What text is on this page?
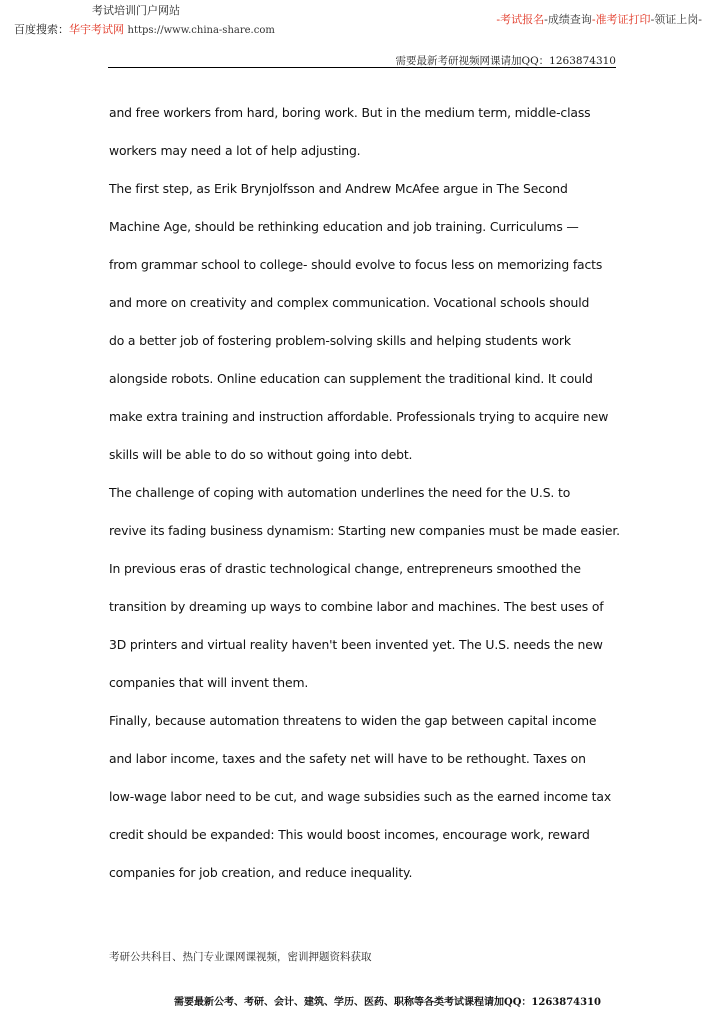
考试培训门户网站
百度搜索：华宇考试网 https://www.china-share.com
-考试报名-成绩查询-准考证打印-领证上岗-
需要最新考研视频网课请加QQ：1263874310
and free workers from hard, boring work. But in the medium term, middle-class
workers may need a lot of help adjusting.
The first step, as Erik Brynjolfsson and Andrew McAfee argue in The Second
Machine Age, should be rethinking education and job training. Curriculums —
from grammar school to college- should evolve to focus less on memorizing facts
and more on creativity and complex communication. Vocational schools should
do a better job of fostering problem-solving skills and helping students work
alongside robots. Online education can supplement the traditional kind. It could
make extra training and instruction affordable. Professionals trying to acquire new
skills will be able to do so without going into debt.
The challenge of coping with automation underlines the need for the U.S. to
revive its fading business dynamism: Starting new companies must be made easier.
In previous eras of drastic technological change, entrepreneurs smoothed the
transition by dreaming up ways to combine labor and machines. The best uses of
3D printers and virtual reality haven't been invented yet. The U.S. needs the new
companies that will invent them.
Finally, because automation threatens to widen the gap between capital income
and labor income, taxes and the safety net will have to be rethought. Taxes on
low-wage labor need to be cut, and wage subsidies such as the earned income tax
credit should be expanded: This would boost incomes, encourage work, reward
companies for job creation, and reduce inequality.
考研公共科目、热门专业课网课视频，密训押题资料获取
需要最新公考、考研、会计、建筑、学历、医药、职称等各类考试课程请加QQ：1263874310
